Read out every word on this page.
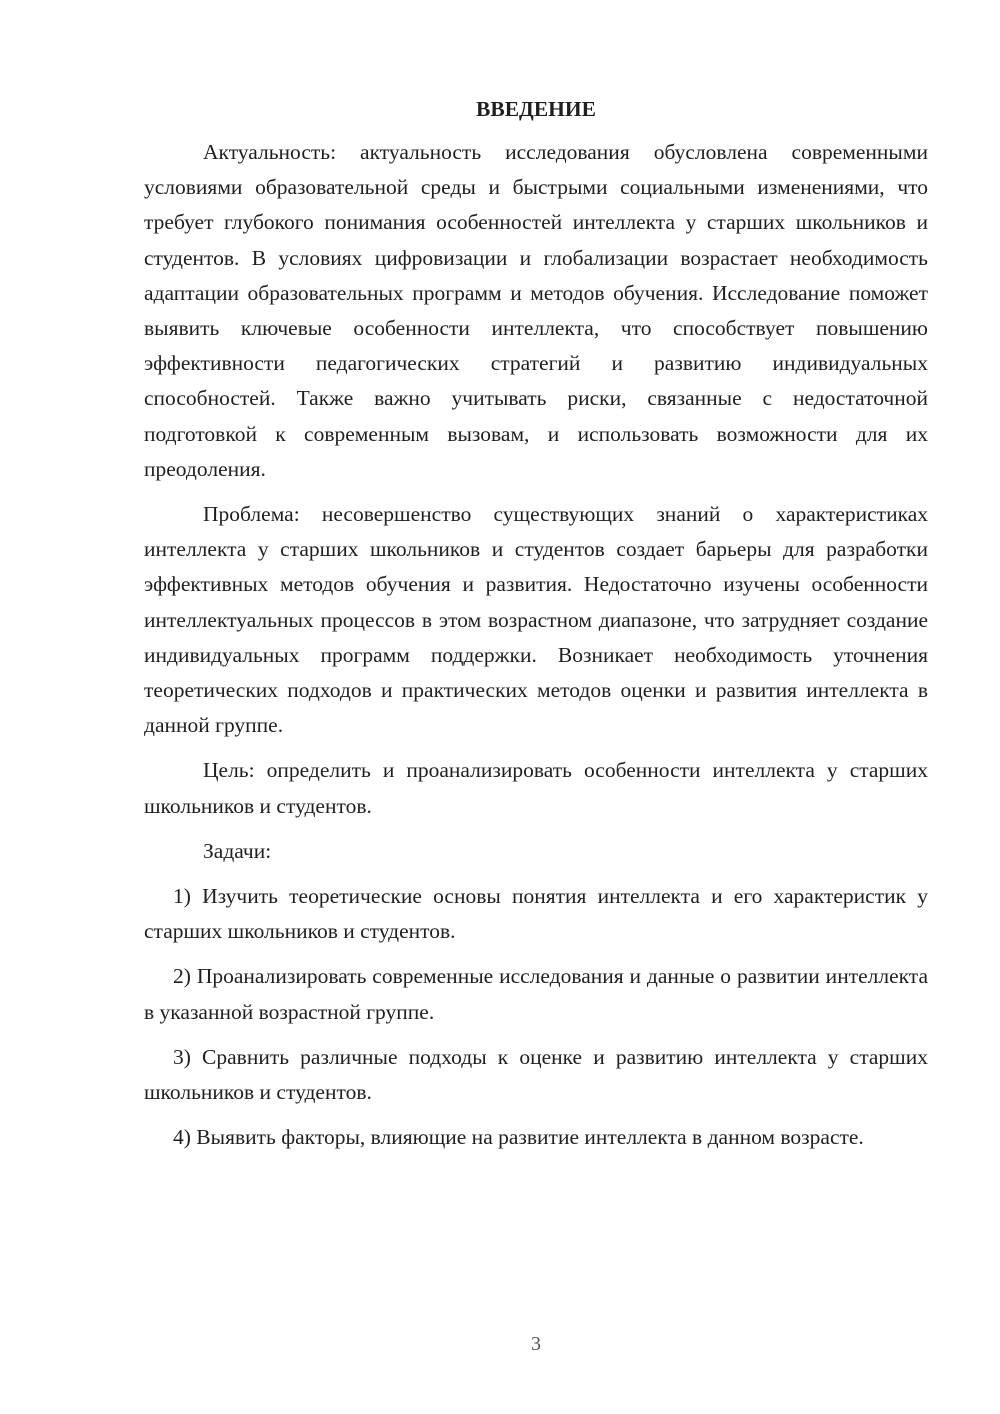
ВВЕДЕНИЕ

Актуальность: актуальность исследования обусловлена современными условиями образовательной среды и быстрыми социальными изменениями, что требует глубокого понимания особенностей интеллекта у старших школьников и студентов. В условиях цифровизации и глобализации возрастает необходимость адаптации образовательных программ и методов обучения. Исследование поможет выявить ключевые особенности интеллекта, что способствует повышению эффективности педагогических стратегий и развитию индивидуальных способностей. Также важно учитывать риски, связанные с недостаточной подготовкой к современным вызовам, и использовать возможности для их преодоления.

Проблема: несовершенство существующих знаний о характеристиках интеллекта у старших школьников и студентов создает барьеры для разработки эффективных методов обучения и развития. Недостаточно изучены особенности интеллектуальных процессов в этом возрастном диапазоне, что затрудняет создание индивидуальных программ поддержки. Возникает необходимость уточнения теоретических подходов и практических методов оценки и развития интеллекта в данной группе.

Цель: определить и проанализировать особенности интеллекта у старших школьников и студентов.

Задачи:

1) Изучить теоретические основы понятия интеллекта и его характеристик у старших школьников и студентов.

2) Проанализировать современные исследования и данные о развитии интеллекта в указанной возрастной группе.

3) Сравнить различные подходы к оценке и развитию интеллекта у старших школьников и студентов.

4) Выявить факторы, влияющие на развитие интеллекта в данном возрасте.

3
